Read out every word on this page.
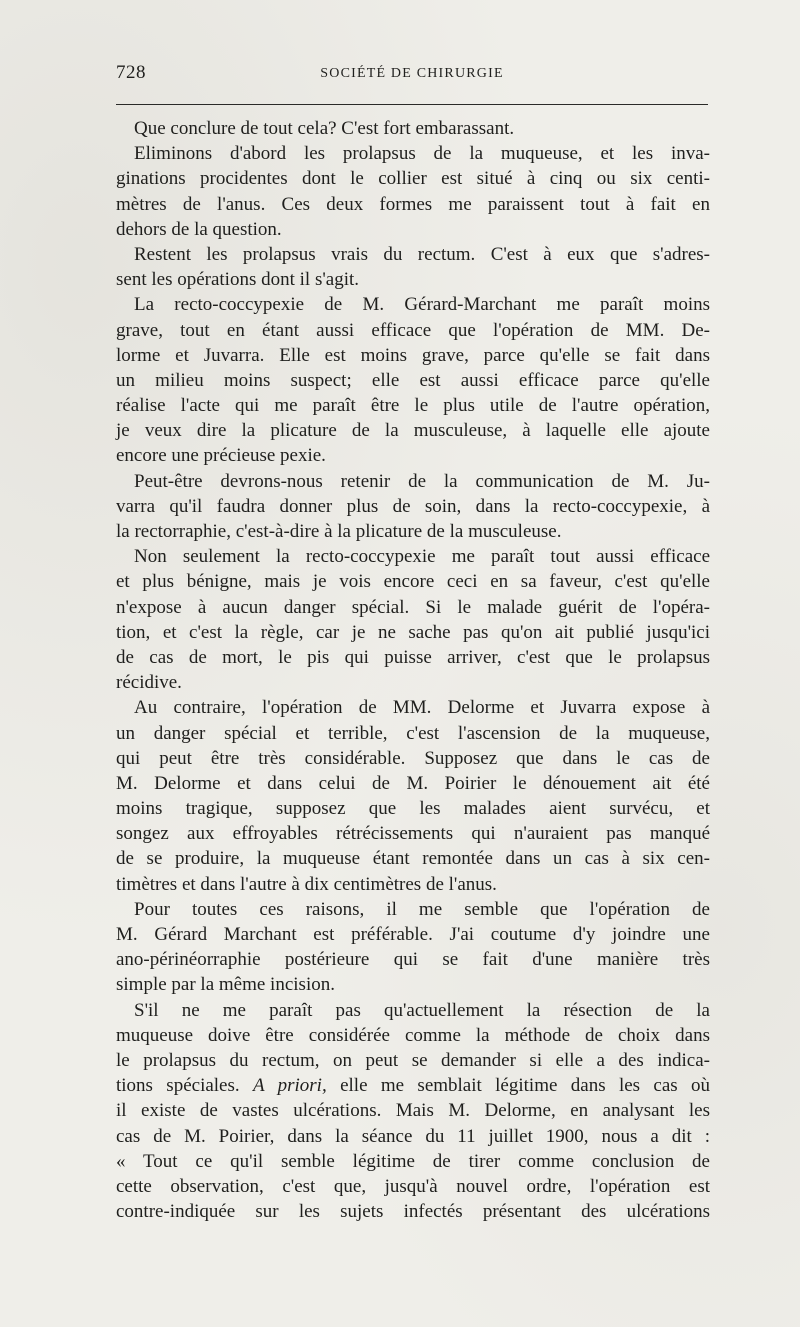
728	SOCIÉTÉ DE CHIRURGIE
Que conclure de tout cela? C'est fort embarassant.
Eliminons d'abord les prolapsus de la muqueuse, et les inva-
ginations procidentes dont le collier est situé à cinq ou six centi-
mètres de l'anus. Ces deux formes me paraissent tout à fait en
dehors de la question.
Restent les prolapsus vrais du rectum. C'est à eux que s'adres-
sent les opérations dont il s'agit.
La recto-coccypexie de M. Gérard-Marchant me paraît moins
grave, tout en étant aussi efficace que l'opération de MM. De-
lorme et Juvarra. Elle est moins grave, parce qu'elle se fait dans
un milieu moins suspect; elle est aussi efficace parce qu'elle
réalise l'acte qui me paraît être le plus utile de l'autre opération,
je veux dire la plicature de la musculeuse, à laquelle elle ajoute
encore une précieuse pexie.
Peut-être devrons-nous retenir de la communication de M. Ju-
varra qu'il faudra donner plus de soin, dans la recto-coccypexie, à
la rectorraphie, c'est-à-dire à la plicature de la musculeuse.
Non seulement la recto-coccypexie me paraît tout aussi efficace
et plus bénigne, mais je vois encore ceci en sa faveur, c'est qu'elle
n'expose à aucun danger spécial. Si le malade guérit de l'opéra-
tion, et c'est la règle, car je ne sache pas qu'on ait publié jusqu'ici
de cas de mort, le pis qui puisse arriver, c'est que le prolapsus
récidive.
Au contraire, l'opération de MM. Delorme et Juvarra expose à
un danger spécial et terrible, c'est l'ascension de la muqueuse,
qui peut être très considérable. Supposez que dans le cas de
M. Delorme et dans celui de M. Poirier le dénouement ait été
moins tragique, supposez que les malades aient survécu, et
songez aux effroyables rétrécissements qui n'auraient pas manqué
de se produire, la muqueuse étant remontée dans un cas à six cen-
timètres et dans l'autre à dix centimètres de l'anus.
Pour toutes ces raisons, il me semble que l'opération de
M. Gérard Marchant est préférable. J'ai coutume d'y joindre une
ano-périnéorraphie postérieure qui se fait d'une manière très
simple par la même incision.
S'il ne me paraît pas qu'actuellement la résection de la
muqueuse doive être considérée comme la méthode de choix dans
le prolapsus du rectum, on peut se demander si elle a des indica-
tions spéciales. A priori, elle me semblait légitime dans les cas où
il existe de vastes ulcérations. Mais M. Delorme, en analysant les
cas de M. Poirier, dans la séance du 11 juillet 1900, nous a dit :
« Tout ce qu'il semble légitime de tirer comme conclusion de
cette observation, c'est que, jusqu'à nouvel ordre, l'opération est
contre-indiquée sur les sujets infectés présentant des ulcérations
